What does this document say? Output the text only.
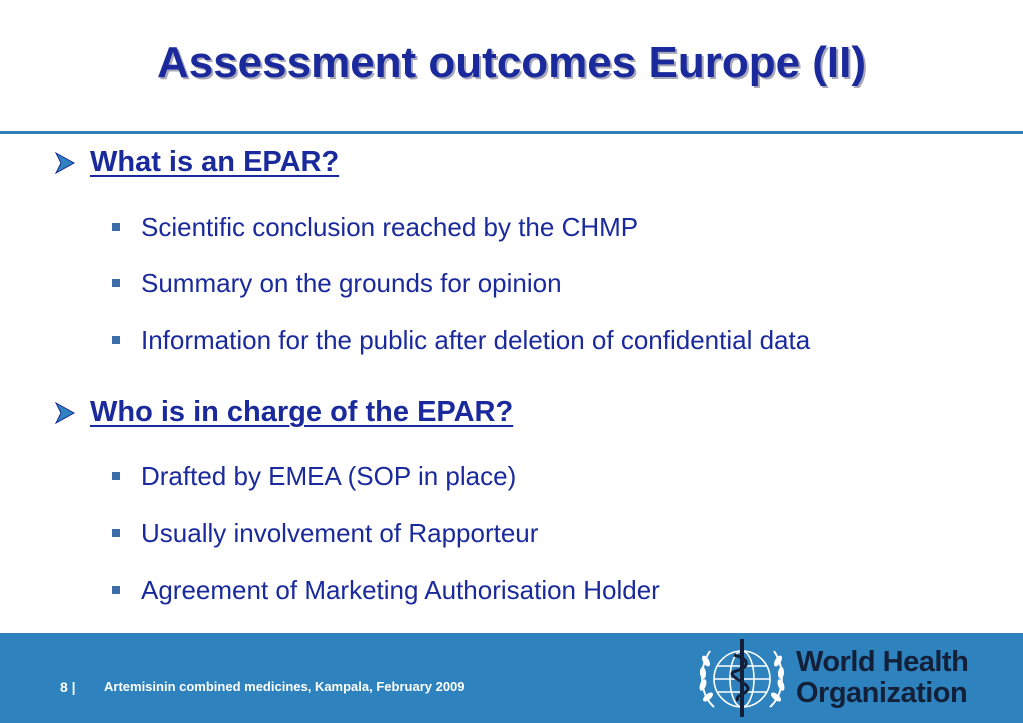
Assessment outcomes Europe (II)
What is an EPAR?
Scientific conclusion reached by the CHMP
Summary on the grounds for opinion
Information for the public after deletion of confidential data
Who is in charge of the EPAR?
Drafted by EMEA (SOP in place)
Usually involvement of Rapporteur
Agreement of Marketing Authorisation Holder
8 | Artemisinin combined medicines, Kampala, February 2009
World Health
Organization
